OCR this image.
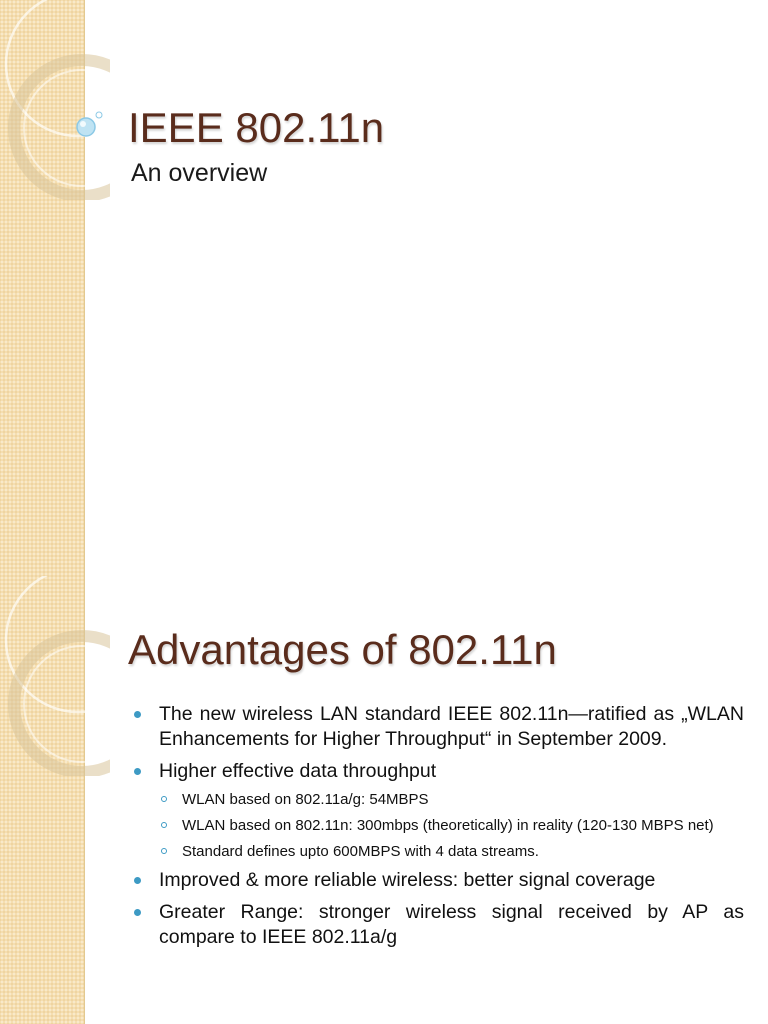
IEEE 802.11n

An overview

Advantages of 802.11n
The new wireless LAN standard IEEE 802.11n—ratified as „WLAN Enhancements for Higher Throughput“ in September 2009.
Higher effective data throughput
WLAN based on 802.11a/g: 54MBPS
WLAN based on 802.11n: 300mbps (theoretically) in reality (120-130 MBPS net)
Standard defines upto 600MBPS with 4 data streams.
Improved & more reliable wireless: better signal coverage
Greater Range: stronger wireless signal received by AP as compare to IEEE 802.11a/g
